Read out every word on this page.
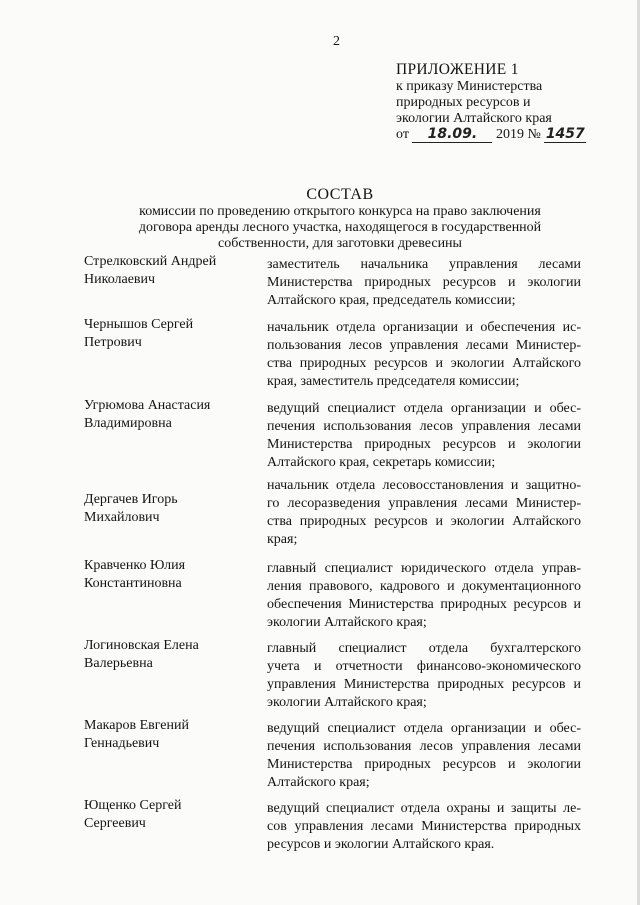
2
ПРИЛОЖЕНИЕ 1
к приказу Министерства
природных ресурсов и
экологии Алтайского края
от 18.09. 2019 № 1457
СОСТАВ
комиссии по проведению открытого конкурса на право заключения
договора аренды лесного участка, находящегося в государственной
собственности, для заготовки древесины
Стрелковский Андрей
Николаевич
заместитель начальника управления лесами
Министерства природных ресурсов и экологии
Алтайского края, председатель комиссии;
Чернышов Сергей
Петрович
начальник отдела организации и обеспечения ис-
пользования лесов управления лесами Министер-
ства природных ресурсов и экологии Алтайского
края, заместитель председателя комиссии;
Угрюмова Анастасия
Владимировна
ведущий специалист отдела организации и обес-
печения использования лесов управления лесами
Министерства природных ресурсов и экологии
Алтайского края, секретарь комиссии;
Дергачев Игорь
Михайлович
начальник отдела лесовосстановления и защитно-
го лесоразведения управления лесами Министер-
ства природных ресурсов и экологии Алтайского
края;
Кравченко Юлия
Константиновна
главный специалист юридического отдела управ-
ления правового, кадрового и документационного
обеспечения Министерства природных ресурсов и
экологии Алтайского края;
Логиновская Елена
Валерьевна
главный специалист отдела бухгалтерского
учета и отчетности финансово-экономического
управления Министерства природных ресурсов и
экологии Алтайского края;
Макаров Евгений
Геннадьевич
ведущий специалист отдела организации и обес-
печения использования лесов управления лесами
Министерства природных ресурсов и экологии
Алтайского края;
Ющенко Сергей
Сергеевич
ведущий специалист отдела охраны и защиты ле-
сов управления лесами Министерства природных
ресурсов и экологии Алтайского края.
